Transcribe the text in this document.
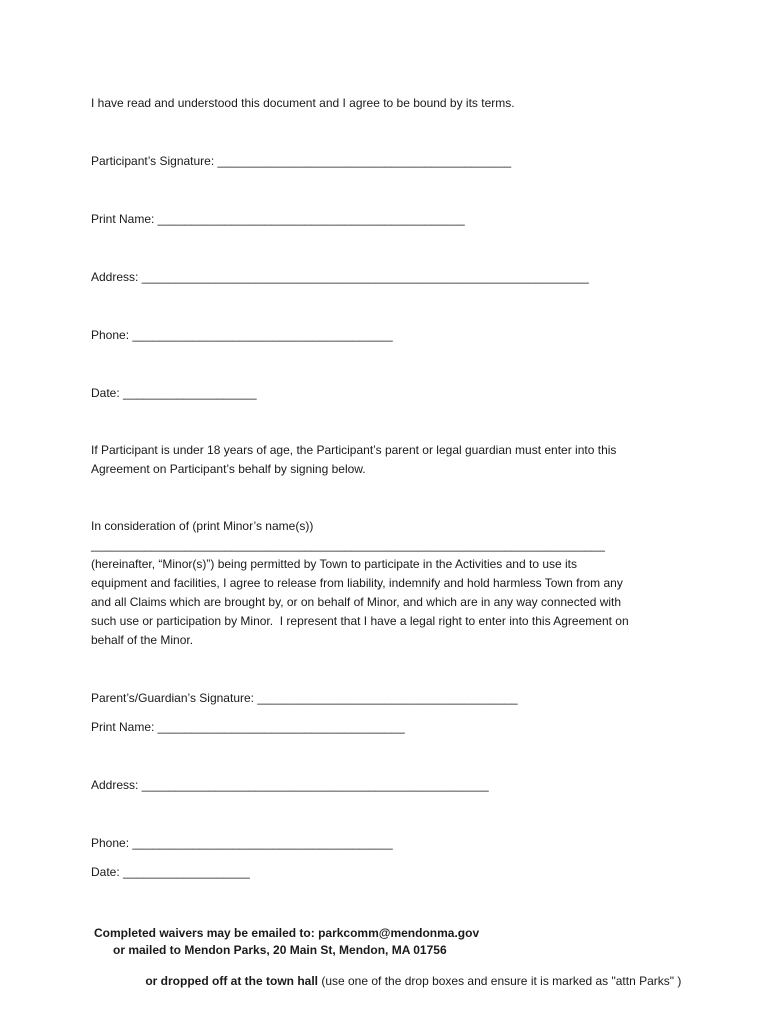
I have read and understood this document and I agree to be bound by its terms.
Participant’s Signature: ____________________________________________
Print Name: ______________________________________________
Address: ___________________________________________________________________
Phone: _______________________________________
Date: ____________________
If Participant is under 18 years of age, the Participant’s parent or legal guardian must enter into this
Agreement on Participant’s behalf by signing below.
In consideration of (print Minor’s name(s))
_____________________________________________________________________________
(hereinafter, “Minor(s)”) being permitted by Town to participate in the Activities and to use its
equipment and facilities, I agree to release from liability, indemnify and hold harmless Town from any
and all Claims which are brought by, or on behalf of Minor, and which are in any way connected with
such use or participation by Minor.  I represent that I have a legal right to enter into this Agreement on
behalf of the Minor.
Parent’s/Guardian’s Signature: _______________________________________
Print Name: _____________________________________
Address: ____________________________________________________
Phone: _______________________________________
Date: ___________________
Completed waivers may be emailed to: parkcomm@mendonma.gov
or mailed to Mendon Parks, 20 Main St, Mendon, MA 01756

or dropped off at the town hall (use one of the drop boxes and ensure it is marked as "attn Parks" )
